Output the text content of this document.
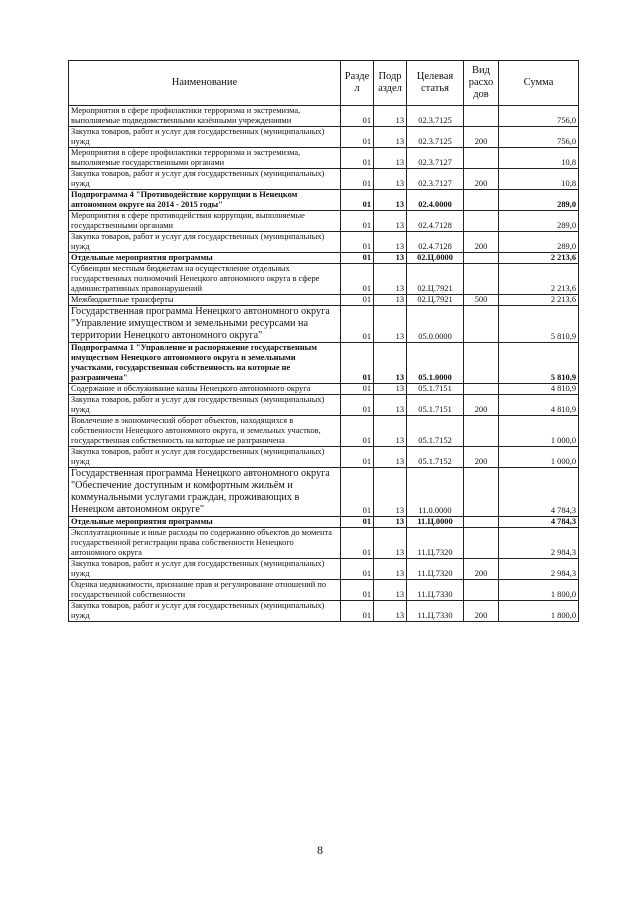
Наименование	Разде л	Подр аздел	Целевая статья	Вид расхо дов	Сумма
Мероприятия в сфере профилактики терроризма и экстремизма, выполняемые подведомственными казёнными учреждениями	01	13	02.3.7125		756,0
Закупка товаров, работ и услуг для государственных (муниципальных) нужд	01	13	02.3.7125	200	756,0
Мероприятия в сфере профилактики терроризма и экстремизма, выполняемые государственными органами	01	13	02.3.7127		10,8
Закупка товаров, работ и услуг для государственных (муниципальных) нужд	01	13	02.3.7127	200	10,8
Подпрограмма 4 "Противодействие коррупции в Ненецком автономном округе на 2014 - 2015 годы"	01	13	02.4.0000		289,0
Мероприятия в сфере противодействия коррупции, выполняемые государственными органами	01	13	02.4.7128		289,0
Закупка товаров, работ и услуг для государственных (муниципальных) нужд	01	13	02.4.7128	200	289,0
Отдельные мероприятия программы	01	13	02.Ц.0000		2 213,6
Субвенции местным бюджетам на осуществление отдельных государственных полномочий Ненецкого автономного округа в сфере административных правонарушений	01	13	02.Ц.7921		2 213,6
Межбюджетные трансферты	01	13	02.Ц.7921	500	2 213,6
Государственная программа Ненецкого автономного округа "Управление имуществом и земельными ресурсами на территории Ненецкого автономного округа"	01	13	05.0.0000		5 810,9
Подпрограмма 1 "Управление и распоряжение государственным имуществом Ненецкого автономного округа и земельными участками, государственная собственность на которые не разграничена"	01	13	05.1.0000		5 810,9
Содержание и обслуживание казны Ненецкого автономного округа	01	13	05.1.7151		4 810,9
Закупка товаров, работ и услуг для государственных (муниципальных) нужд	01	13	05.1.7151	200	4 810,9
Вовлечение в экономический оборот объектов, находящихся в собственности Ненецкого автономного округа, и земельных участков, государственная собственность на которые не разграничена	01	13	05.1.7152		1 000,0
Закупка товаров, работ и услуг для государственных (муниципальных) нужд	01	13	05.1.7152	200	1 000,0
Государственная программа Ненецкого автономного округа "Обеспечение доступным и комфортным жильём и коммунальными услугами граждан, проживающих в Ненецком автономном округе"	01	13	11.0.0000		4 784,3
Отдельные мероприятия программы	01	13	11.Ц.0000		4 784,3
Эксплуатационные и иные расходы по содержанию объектов до момента государственной регистрации права собственности Ненецкого автономного округа	01	13	11.Ц.7320		2 984,3
Закупка товаров, работ и услуг для государственных (муниципальных) нужд	01	13	11.Ц.7320	200	2 984,3
Оценка недвижимости, признание прав и регулирование отношений по государственной собственности	01	13	11.Ц.7330		1 800,0
Закупка товаров, работ и услуг для государственных (муниципальных) нужд	01	13	11.Ц.7330	200	1 800,0
8
